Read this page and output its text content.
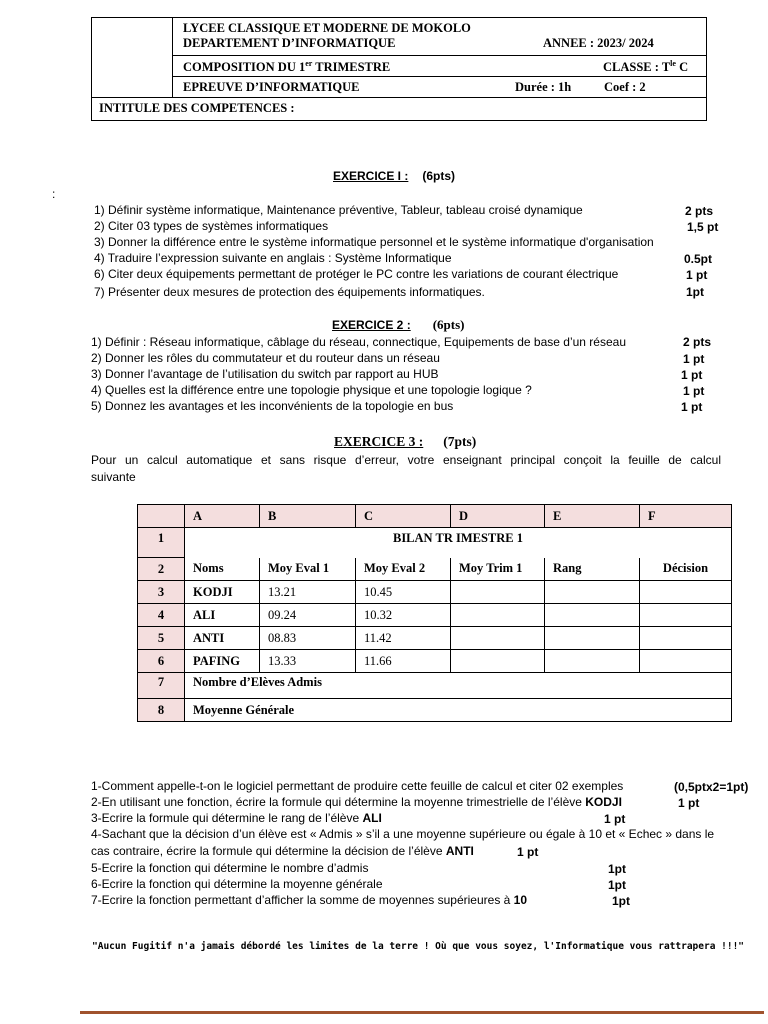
LYCEE CLASSIQUE ET MODERNE DE MOKOLO
DEPARTEMENT D’INFORMATIQUE	ANNEE : 2023/ 2024
COMPOSITION DU 1er TRIMESTRE	CLASSE : $T^{le}$ C
EPREUVE D’INFORMATIQUE	Durée : 1h	Coef : 2
INTITULE DES COMPETENCES :
:
EXERCICE I : (6pts)
1) Définir système informatique, Maintenance préventive, Tableur, tableau croisé dynamique	2 pts
2) Citer 03 types de systèmes informatiques	1,5 pt
3) Donner la différence entre le système informatique personnel et le système informatique d'organisation
4) Traduire l’expression suivante en anglais : Système Informatique	0.5pt
6) Citer deux équipements permettant de protéger le PC contre les variations de courant électrique	1 pt
7) Présenter deux mesures de protection des équipements informatiques.	1pt
EXERCICE 2 : (6pts)
1) Définir : Réseau informatique, câblage du réseau, connectique, Equipements de base d’un réseau	2 pts
2) Donner les rôles du commutateur et du routeur dans un réseau	1 pt
3) Donner l’avantage de l’utilisation du switch par rapport au HUB	1 pt
4) Quelles est la différence entre une topologie physique et une topologie logique ?	1 pt
5) Donnez les avantages et les inconvénients de la topologie en bus	1 pt
EXERCICE 3 : (7pts)
Pour un calcul automatique et sans risque d’erreur, votre enseignant principal conçoit la feuille de calcul
suivante
	A	B	C	D	E	F
1	BILAN TR IMESTRE 1					
2	Noms	Moy Eval 1	Moy Eval 2	Moy Trim 1	Rang	Décision
3	KODJI	13.21	10.45			
4	ALI	09.24	10.32			
5	ANTI	08.83	11.42			
6	PAFING	13.33	11.66			
7	Nombre d’Elèves Admis					
8	Moyenne Générale					
1-Comment appelle-t-on le logiciel permettant de produire cette feuille de calcul et citer 02 exemples	(0,5ptx2=1pt)
2-En utilisant une fonction, écrire la formule qui détermine la moyenne trimestrielle de l’élève KODJI	1 pt
3-Ecrire la formule qui détermine le rang de l’élève ALI	1 pt
4-Sachant que la décision d’un élève est « Admis » s’il a une moyenne supérieure ou égale à 10 et « Echec » dans le
cas contraire, écrire la formule qui détermine la décision de l’élève ANTI	1 pt
5-Ecrire la fonction qui détermine le nombre d’admis	1pt
6-Ecrire la fonction qui détermine la moyenne générale	1pt
7-Ecrire la fonction permettant d’afficher la somme de moyennes supérieures à 10	1pt
"Aucun Fugitif n'a jamais débordé les limites de la terre ! Où que vous soyez, l'Informatique vous rattrapera !!!"
